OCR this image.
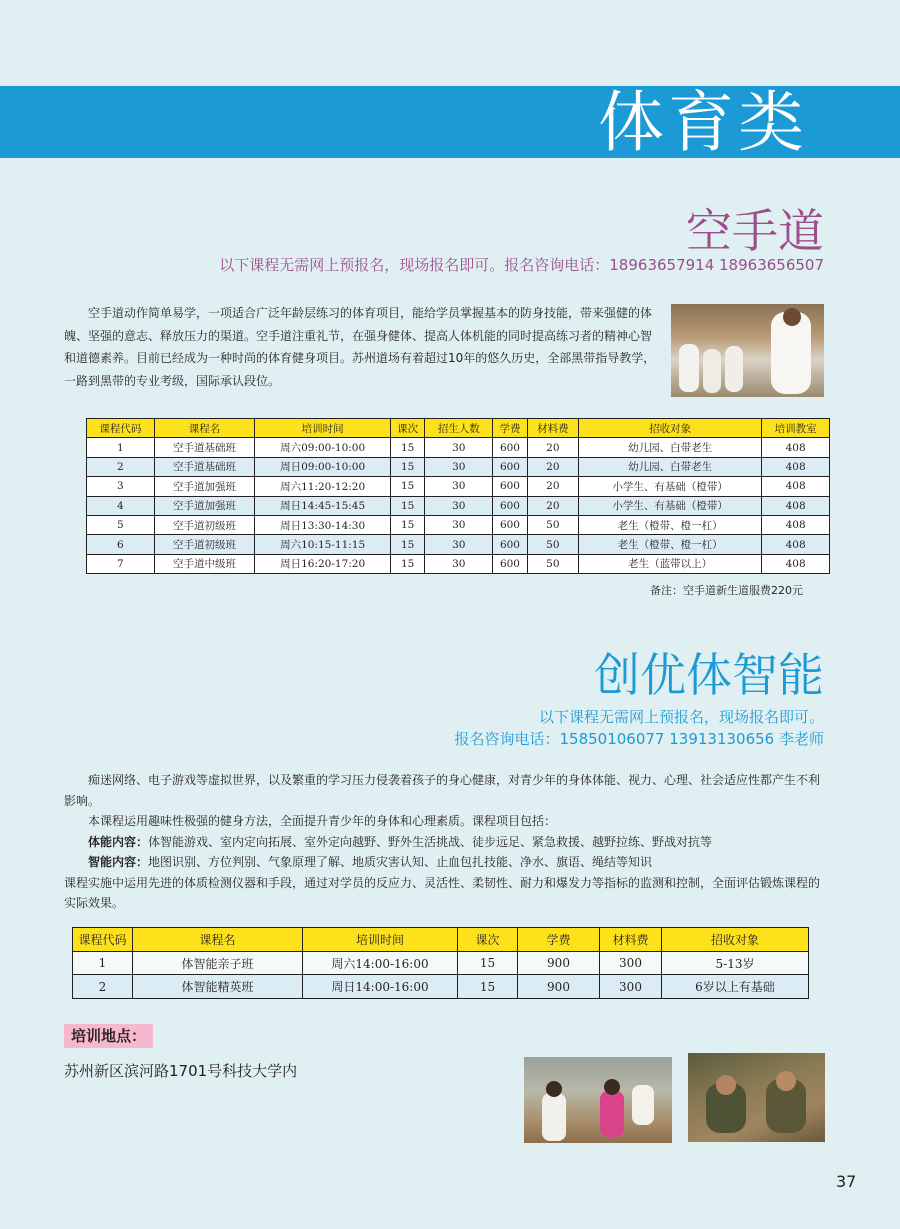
体育类
空手道
以下课程无需网上预报名，现场报名即可。报名咨询电话：18963657914 18963656507
空手道动作简单易学，一项适合广泛年龄层练习的体育项目，能给学员掌握基本的防身技能，带来强健的体魄、坚强的意志、释放压力的渠道。空手道注重礼节，在强身健体、提高人体机能的同时提高练习者的精神心智和道德素养。目前已经成为一种时尚的体育健身项目。苏州道场有着超过10年的悠久历史，全部黑带指导教学，一路到黑带的专业考级，国际承认段位。
课程代码	课程名	培训时间	课次	招生人数	学费	材料费	招收对象	培训教室
1	空手道基础班	周六09:00-10:00	15	30	600	20	幼儿园、白带老生	408
2	空手道基础班	周日09:00-10:00	15	30	600	20	幼儿园、白带老生	408
3	空手道加强班	周六11:20-12:20	15	30	600	20	小学生、有基础（橙带）	408
4	空手道加强班	周日14:45-15:45	15	30	600	20	小学生、有基础（橙带）	408
5	空手道初级班	周日13:30-14:30	15	30	600	50	老生（橙带、橙一杠）	408
6	空手道初级班	周六10:15-11:15	15	30	600	50	老生（橙带、橙一杠）	408
7	空手道中级班	周日16:20-17:20	15	30	600	50	老生（蓝带以上）	408
备注：空手道新生道服费220元
创优体智能
以下课程无需网上预报名，现场报名即可。
报名咨询电话：15850106077 13913130656 李老师
痴迷网络、电子游戏等虚拟世界，以及繁重的学习压力侵袭着孩子的身心健康，对青少年的身体体能、视力、心理、社会适应性都产生不利影响。
本课程运用趣味性极强的健身方法，全面提升青少年的身体和心理素质。课程项目包括：
体能内容：体智能游戏、室内定向拓展、室外定向越野、野外生活挑战、徒步远足、紧急救援、越野拉练、野战对抗等
智能内容：地图识别、方位判别、气象原理了解、地质灾害认知、止血包扎技能、净水、旗语、绳结等知识
课程实施中运用先进的体质检测仪器和手段，通过对学员的反应力、灵活性、柔韧性、耐力和爆发力等指标的监测和控制，全面评估锻炼课程的实际效果。
课程代码	课程名	培训时间	课次	学费	材料费	招收对象
1	体智能亲子班	周六14:00-16:00	15	900	300	5-13岁
2	体智能精英班	周日14:00-16:00	15	900	300	6岁以上有基础
培训地点：
苏州新区滨河路1701号科技大学内
37
